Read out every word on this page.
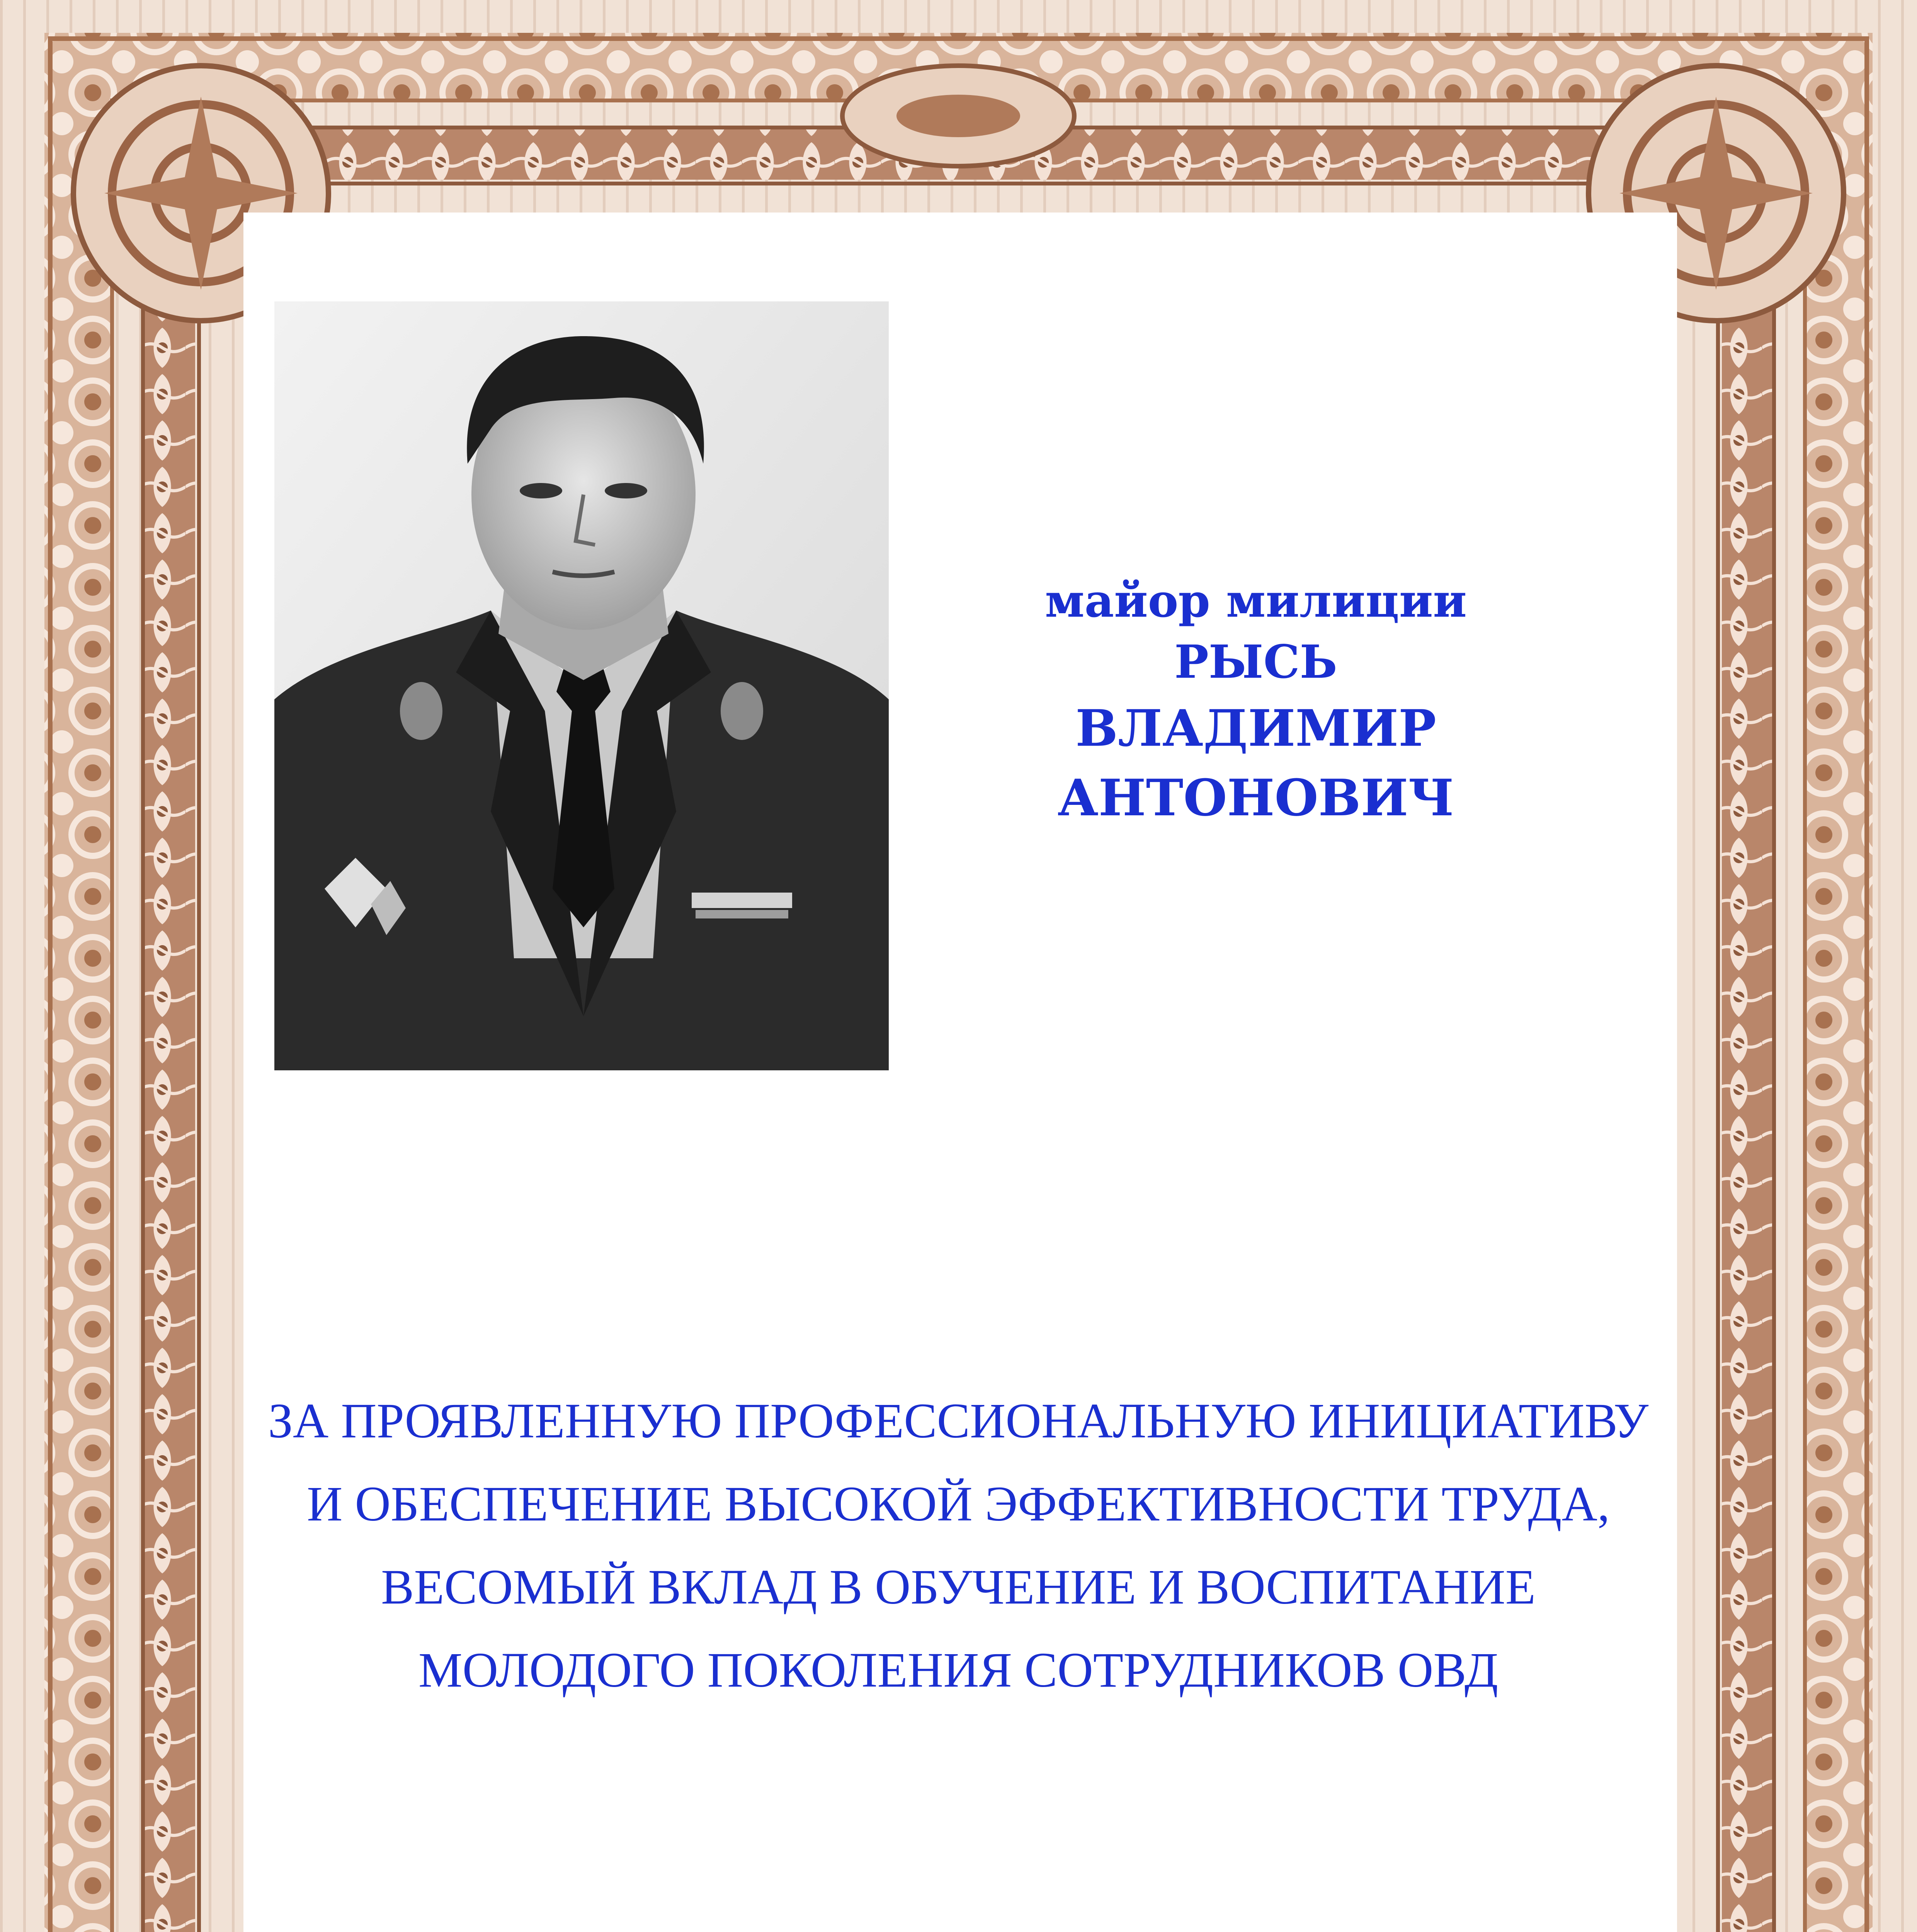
майор милиции
РЫСЬ
ВЛАДИМИР АНТОНОВИЧ
ЗА ПРОЯВЛЕННУЮ ПРОФЕССИОНАЛЬНУЮ ИНИЦИАТИВУ
И ОБЕСПЕЧЕНИЕ ВЫСОКОЙ ЭФФЕКТИВНОСТИ ТРУДА,
ВЕСОМЫЙ ВКЛАД В ОБУЧЕНИЕ И ВОСПИТАНИЕ
МОЛОДОГО ПОКОЛЕНИЯ СОТРУДНИКОВ ОВД
